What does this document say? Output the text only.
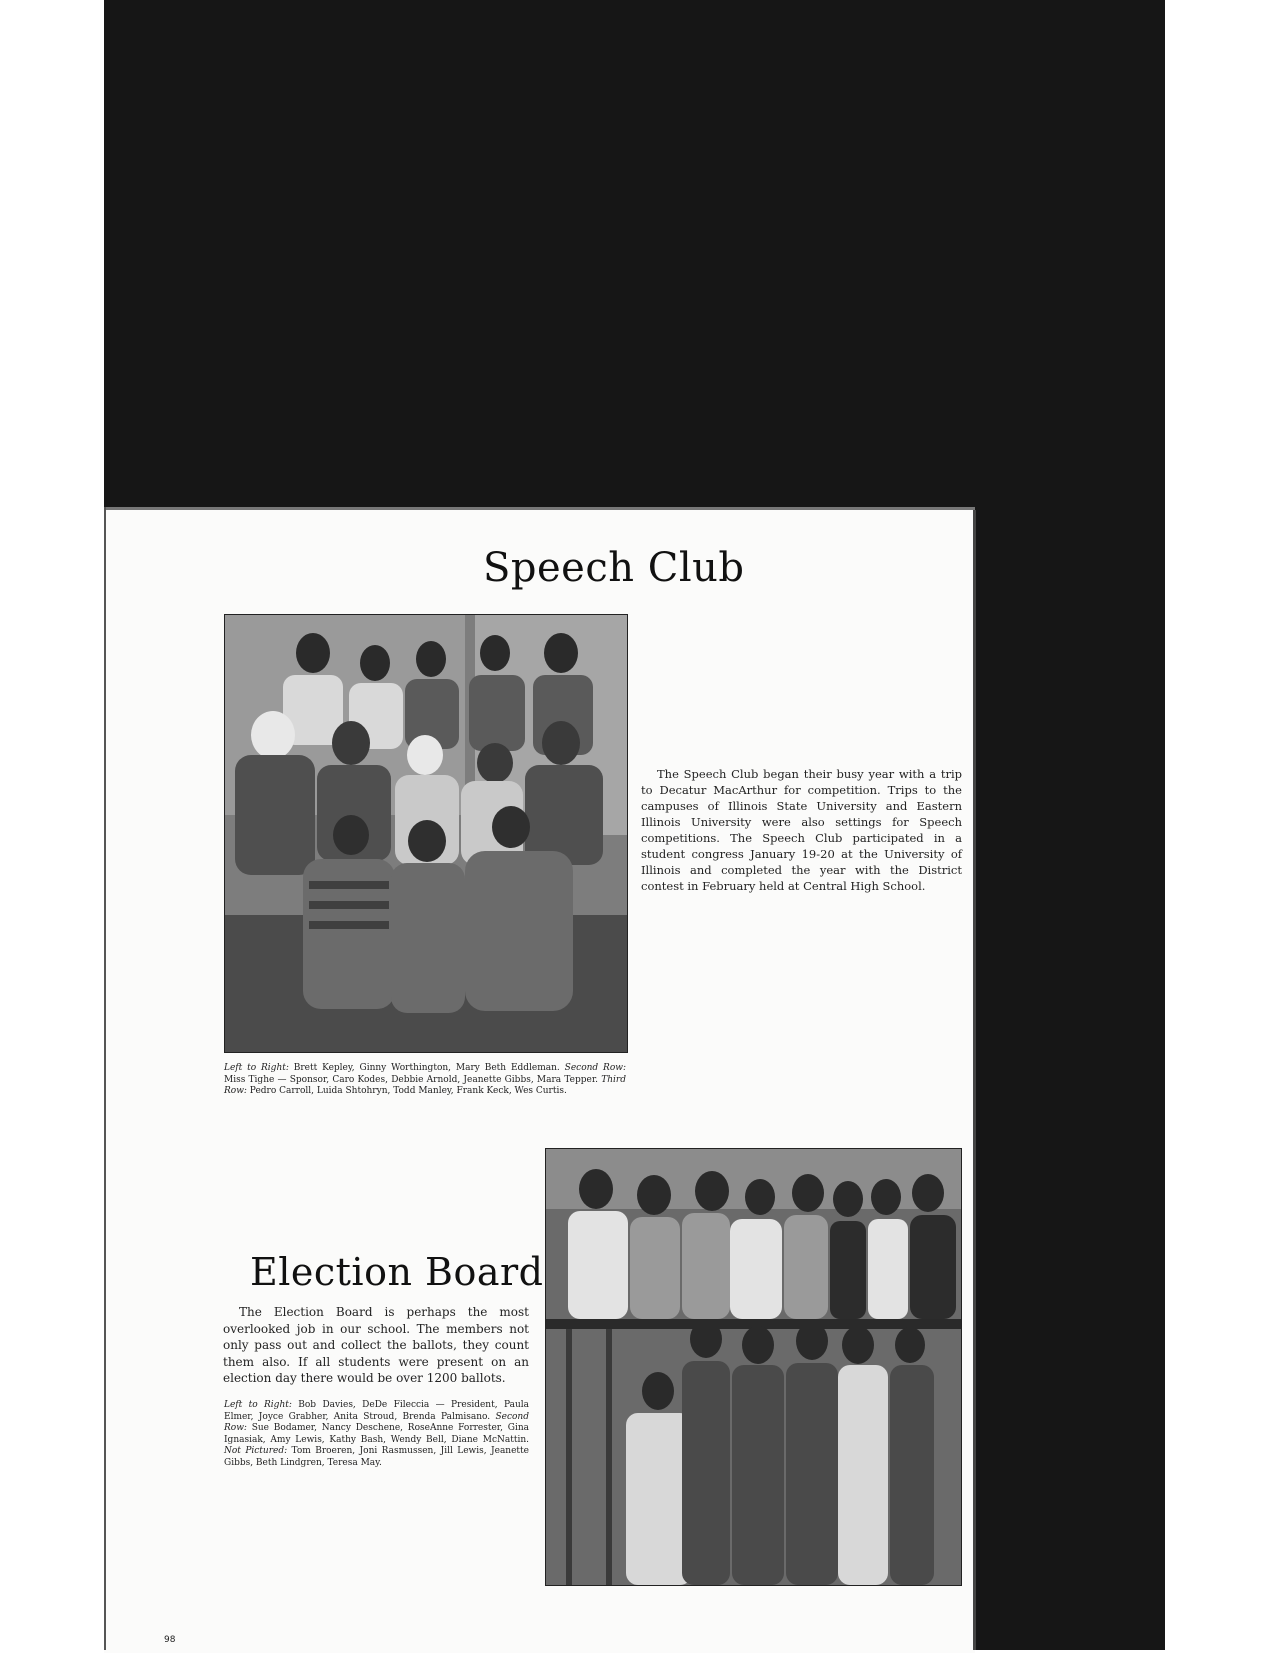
Speech Club

The Speech Club began their busy year with a trip to Decatur MacArthur for competition. Trips to the campuses of Illinois State University and Eastern Illinois University were also settings for Speech competitions. The Speech Club participated in a student congress January 19-20 at the University of Illinois and completed the year with the District contest in February held at Central High School.

Left to Right: Brett Kepley, Ginny Worthington, Mary Beth Eddleman. Second Row: Miss Tighe — Sponsor, Caro Kodes, Debbie Arnold, Jeanette Gibbs, Mara Tepper. Third Row: Pedro Carroll, Luida Shtohryn, Todd Manley, Frank Keck, Wes Curtis.

Election Board

The Election Board is perhaps the most overlooked job in our school. The members not only pass out and collect the ballots, they count them also. If all students were present on an election day there would be over 1200 ballots.

Left to Right: Bob Davies, DeDe Fileccia — President, Paula Elmer, Joyce Grabher, Anita Stroud, Brenda Palmisano. Second Row: Sue Bodamer, Nancy Deschene, RoseAnne Forrester, Gina Ignasiak, Amy Lewis, Kathy Bash, Wendy Bell, Diane McNattin. Not Pictured: Tom Broeren, Joni Rasmussen, Jill Lewis, Jeanette Gibbs, Beth Lindgren, Teresa May.

98
